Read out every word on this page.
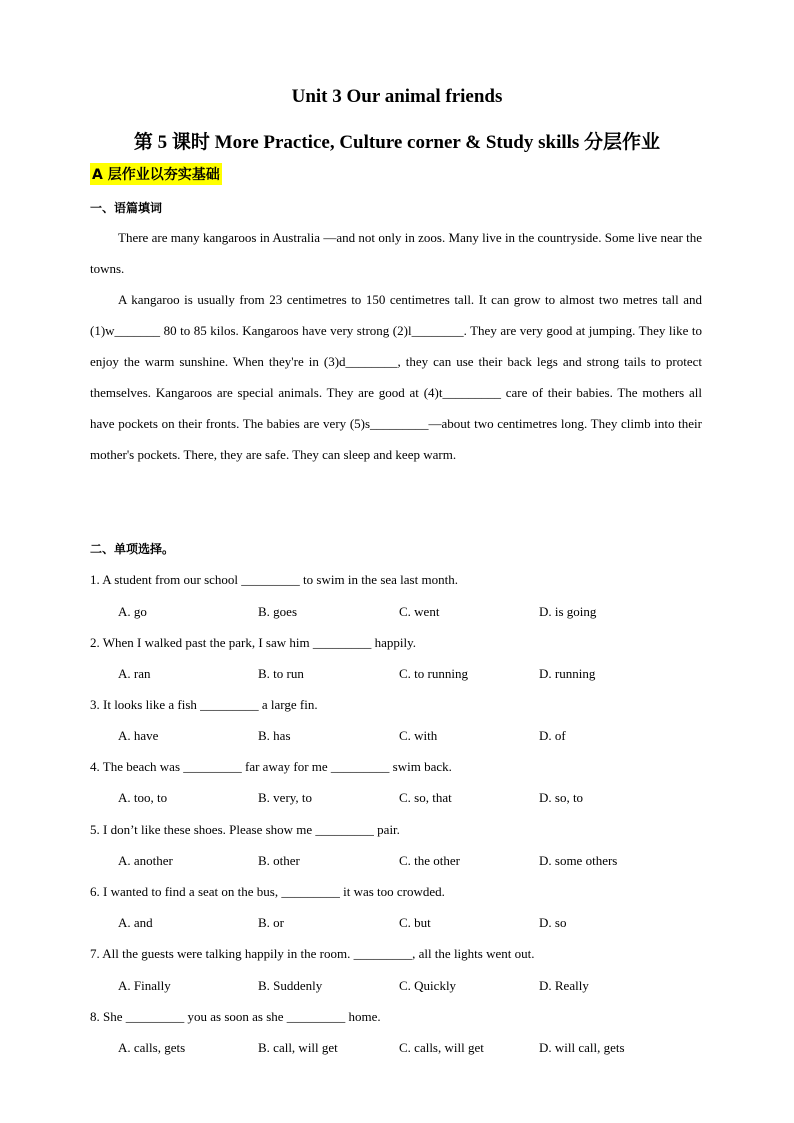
Unit 3 Our animal friends
第 5 课时 More Practice, Culture corner & Study skills 分层作业
A 层作业以夯实基础
一、语篇填词

There are many kangaroos in Australia —and not only in zoos. Many live in the countryside. Some live near the towns.

A kangaroo is usually from 23 centimetres to 150 centimetres tall. It can grow to almost two metres tall and (1)w_______ 80 to 85 kilos. Kangaroos have very strong (2)l________. They are very good at jumping. They like to enjoy the warm sunshine. When they're in (3)d________, they can use their back legs and strong tails to protect themselves. Kangaroos are special animals. They are good at (4)t_________ care of their babies. The mothers all have pockets on their fronts. The babies are very (5)s_________—about two centimetres long. They climb into their mother's pockets. There, they are safe. They can sleep and keep warm.

二、单项选择。
1. A student from our school _________ to swim in the sea last month.
A. go	B. goes	C. went	D. is going
2. When I walked past the park, I saw him _________ happily.
A. ran	B. to run	C. to running	D. running
3. It looks like a fish _________ a large fin.
A. have	B. has	C. with	D. of
4. The beach was _________ far away for me _________ swim back.
A. too, to	B. very, to	C. so, that	D. so, to
5. I don’t like these shoes. Please show me _________ pair.
A. another	B. other	C. the other	D. some others
6. I wanted to find a seat on the bus, _________ it was too crowded.
A. and	B. or	C. but	D. so
7. All the guests were talking happily in the room. _________, all the lights went out.
A. Finally	B. Suddenly	C. Quickly	D. Really
8. She _________ you as soon as she _________ home.
A. calls, gets	B. call, will get	C. calls, will get	D. will call, gets
